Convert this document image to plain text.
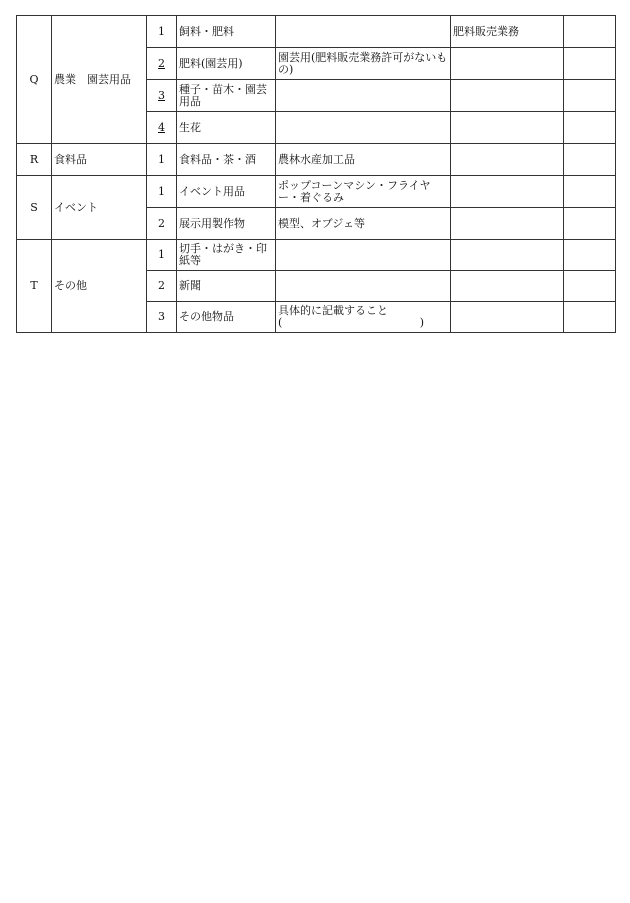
Q	農業　園芸用品	1	飼料・肥料		肥料販売業務	
		2	肥料(園芸用)	園芸用(肥料販売業務許可がないもの)		
		3	種子・苗木・園芸用品			
		4	生花			
R	食料品	1	食料品・茶・酒	農林水産加工品		
S	イベント	1	イベント用品	ポップコーンマシン・フライヤー・着ぐるみ		
		2	展示用製作物	模型、オブジェ等		
T	その他	1	切手・はがき・印紙等			
		2	新聞			
		3	その他物品	具体的に記載すること
( )		
